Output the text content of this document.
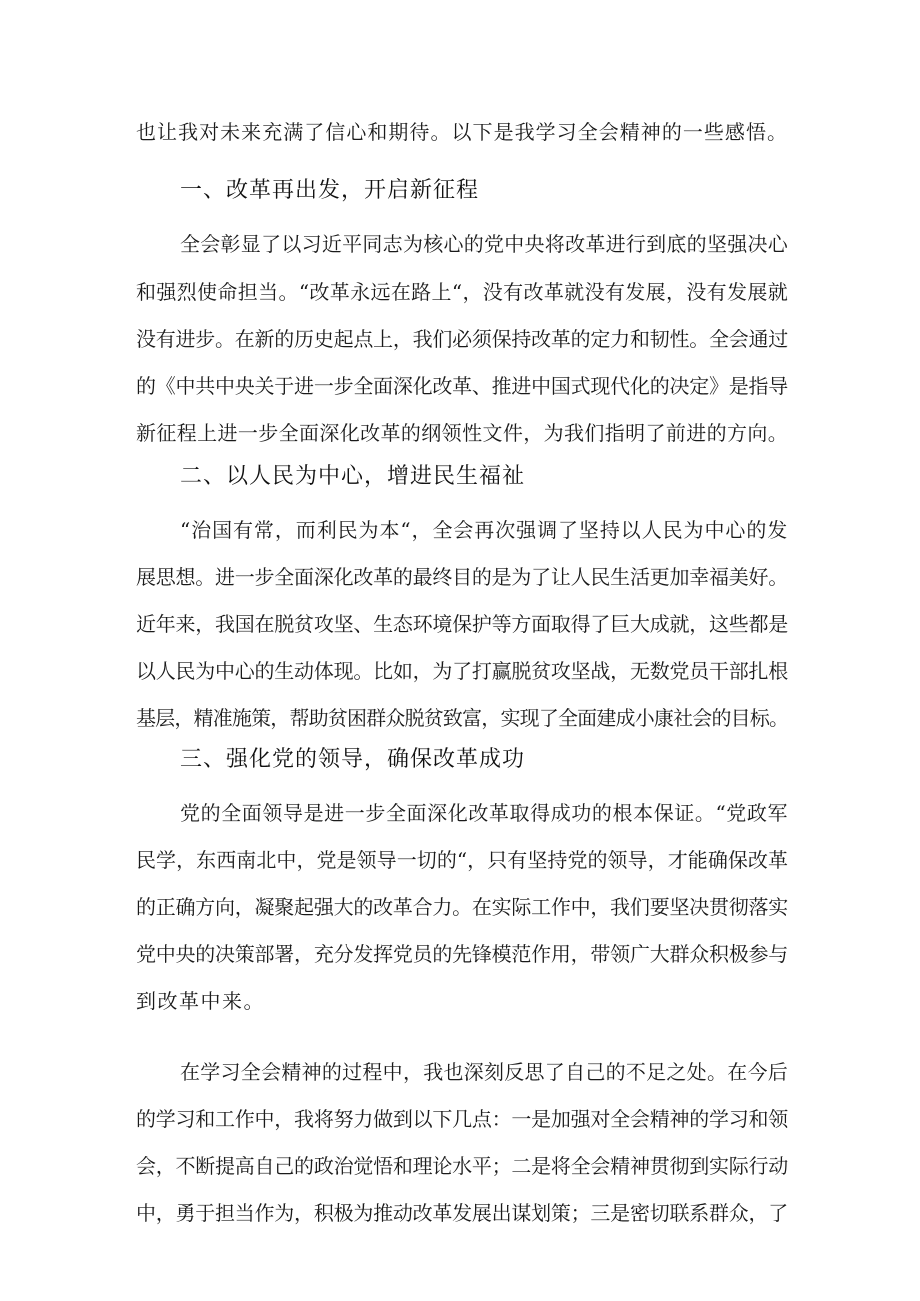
也让我对未来充满了信心和期待。以下是我学习全会精神的一些感悟。
一、改革再出发，开启新征程
全会彰显了以习近平同志为核心的党中央将改革进行到底的坚强决心
和强烈使命担当。“改革永远在路上“，没有改革就没有发展，没有发展就
没有进步。在新的历史起点上，我们必须保持改革的定力和韧性。全会通过
的《中共中央关于进一步全面深化改革、推进中国式现代化的决定》是指导
新征程上进一步全面深化改革的纲领性文件，为我们指明了前进的方向。
二、以人民为中心，增进民生福祉
“治国有常，而利民为本“，全会再次强调了坚持以人民为中心的发
展思想。进一步全面深化改革的最终目的是为了让人民生活更加幸福美好。
近年来，我国在脱贫攻坚、生态环境保护等方面取得了巨大成就，这些都是
以人民为中心的生动体现。比如，为了打赢脱贫攻坚战，无数党员干部扎根
基层，精准施策，帮助贫困群众脱贫致富，实现了全面建成小康社会的目标。
三、强化党的领导，确保改革成功
党的全面领导是进一步全面深化改革取得成功的根本保证。“党政军
民学，东西南北中，党是领导一切的“，只有坚持党的领导，才能确保改革
的正确方向，凝聚起强大的改革合力。在实际工作中，我们要坚决贯彻落实
党中央的决策部署，充分发挥党员的先锋模范作用，带领广大群众积极参与
到改革中来。
在学习全会精神的过程中，我也深刻反思了自己的不足之处。在今后
的学习和工作中，我将努力做到以下几点：一是加强对全会精神的学习和领
会，不断提高自己的政治觉悟和理论水平；二是将全会精神贯彻到实际行动
中，勇于担当作为，积极为推动改革发展出谋划策；三是密切联系群众，了
